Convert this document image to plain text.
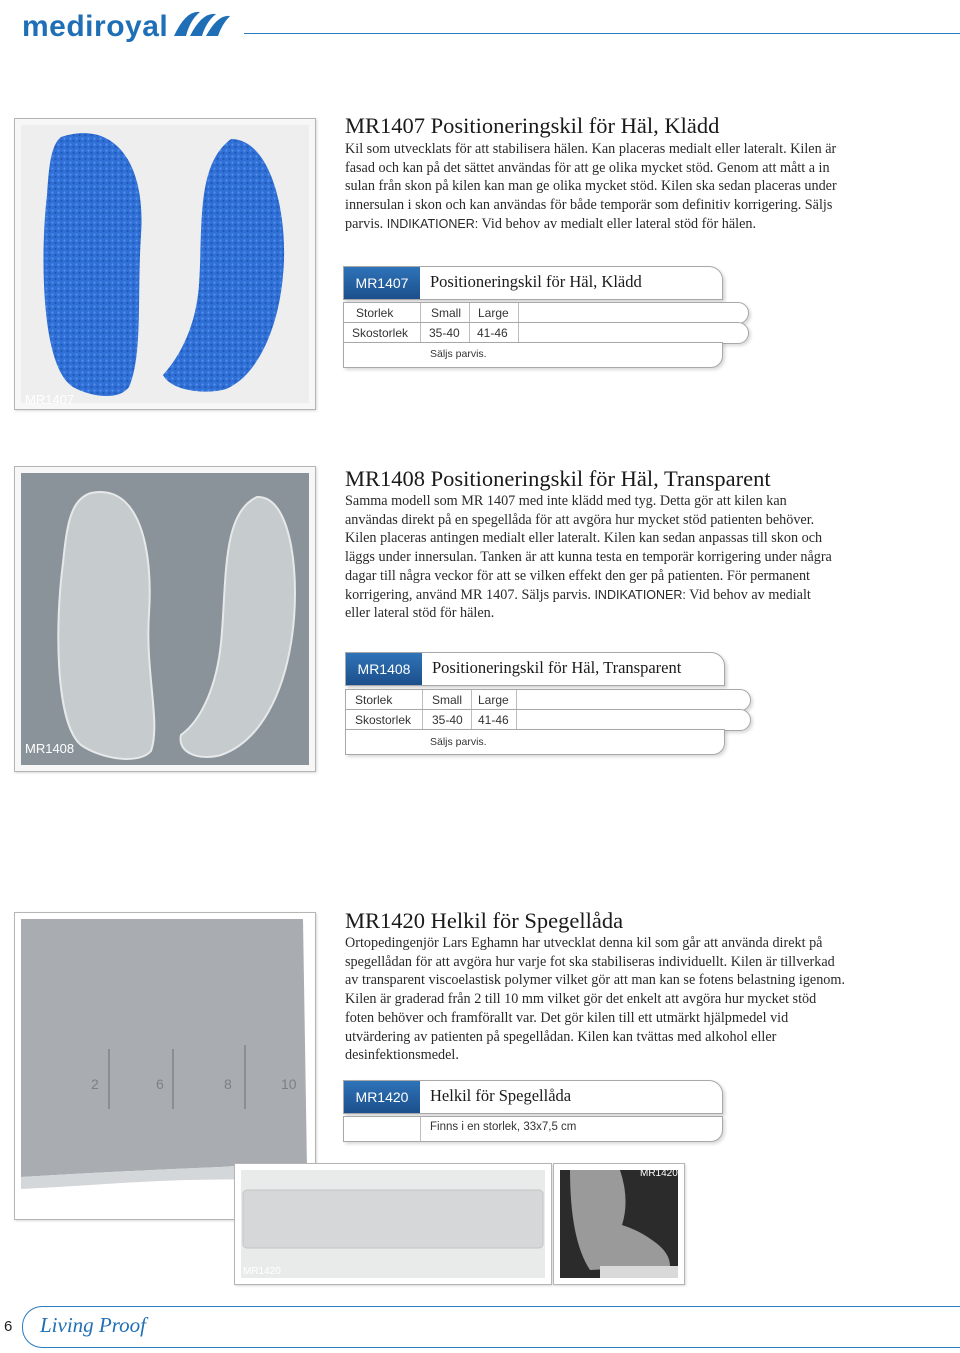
mediroyal
MR1407
MR1407 Positioneringskil för Häl, Klädd
Kil som utvecklats för att stabilisera hälen. Kan placeras medialt eller lateralt. Kilen är fasad och kan på det sättet användas för att ge olika mycket stöd. Genom att mått a in sulan från skon på kilen kan man ge olika mycket stöd. Kilen ska sedan placeras under innersulan i skon och kan användas för både temporär som definitiv korrigering. Säljs parvis. INDIKATIONER: Vid behov av medialt eller lateral stöd för hälen.
MR1407	Positioneringskil för Häl, Klädd
Storlek	Small Large
Skostorlek 35-40 41-46
Säljs parvis.
MR1408
MR1408 Positioneringskil för Häl, Transparent
Samma modell som MR 1407 med inte klädd med tyg. Detta gör att kilen kan användas direkt på en spegellåda för att avgöra hur mycket stöd patienten behöver. Kilen placeras antingen medialt eller lateralt. Kilen kan sedan anpassas till skon och läggs under innersulan. Tanken är att kunna testa en temporär korrigering under några dagar till några veckor för att se vilken effekt den ger på patienten. För permanent korrigering, använd MR 1407. Säljs parvis. INDIKATIONER: Vid behov av medialt eller lateral stöd för hälen.
MR1408	Positioneringskil för Häl, Transparent
Storlek	Small Large
Skostorlek 35-40 41-46
Säljs parvis.
2	6	8	10
MR1420
MR1420 Helkil för Spegellåda
Ortopedingenjör Lars Eghamn har utvecklat denna kil som går att använda direkt på spegellådan för att avgöra hur varje fot ska stabiliseras individuellt. Kilen är tillverkad av transparent viscoelastisk polymer vilket gör att man kan se fotens belastning igenom. Kilen är graderad från 2 till 10 mm vilket gör det enkelt att avgöra hur mycket stöd foten behöver och framförallt var. Det gör kilen till ett utmärkt hjälpmedel vid utvärdering av patienten på spegellådan. Kilen kan tvättas med alkohol eller desinfektionsmedel.
MR1420	Helkil för Spegellåda
Finns i en storlek, 33x7,5 cm
MR1420
MR1420
6 Living Proof
